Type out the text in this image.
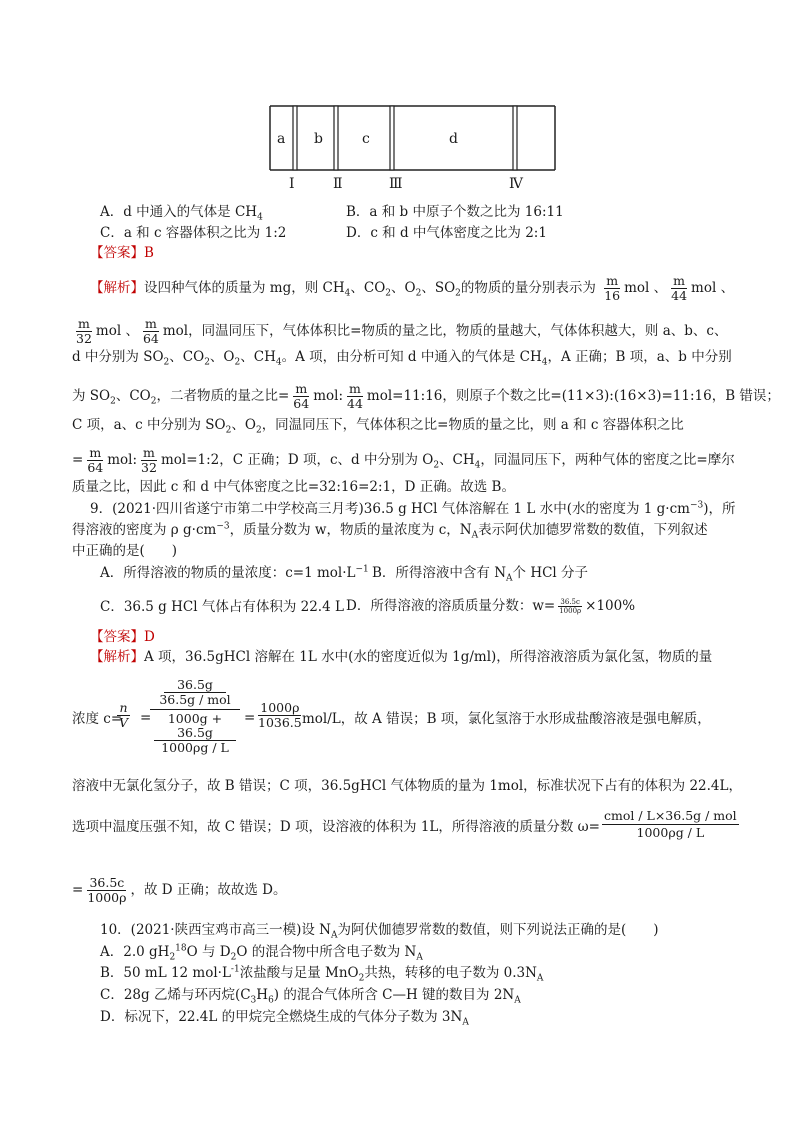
a b	c	d
Ⅰ	Ⅱ	Ⅲ	Ⅳ
A．d 中通入的气体是 $CH_4$	B．a 和 b 中原子个数之比为 16:11
C．a 和 c 容器体积之比为 1:2	D．c 和 d 中气体密度之比为 2:1
【答案】B
【解析】设四种气体的质量为 mg，则 $CH_4$、$CO_2$、$O_2$、$SO_2$的物质的量分别表示为 $\frac{m}{16}$ mol 、 $\frac{m}{44}$ mol 、
$\frac{m}{32}$ mol 、 $\frac{m}{64}$ mol，同温同压下，气体体积比=物质的量之比，物质的量越大，气体体积越大，则 a、b、c、
d 中分别为 $SO_2$、$CO_2$、$O_2$、$CH_4$。A 项，由分析可知 d 中通入的气体是 $CH_4$，A 正确；B 项，a、b 中分别
为 $SO_2$、$CO_2$，二者物质的量之比= $\frac{m}{64}$ mol: $\frac{m}{44}$ mol=11:16，则原子个数之比=(11×3):(16×3)=11:16，B 错误；
C 项，a、c 中分别为 $SO_2$、$O_2$，同温同压下，气体体积之比=物质的量之比，则 a 和 c 容器体积之比
= $\frac{m}{64}$ mol: $\frac{m}{32}$ mol=1:2，C 正确；D 项，c、d 中分别为 $O_2$、$CH_4$，同温同压下，两种气体的密度之比=摩尔
质量之比，因此 c 和 d 中气体密度之比=32:16=2:1，D 正确。故选 B。
9．(2021·四川省遂宁市第二中学校高三月考)36.5 g HCl 气体溶解在 1 L 水中(水的密度为 1 $g\cdot cm^{-3}$)，所
得溶液的密度为 ρ $g\cdot cm^{-3}$，质量分数为 w，物质的量浓度为 c，$N_A$表示阿伏加德罗常数的数值，下列叙述
中正确的是(　　)
A．所得溶液的物质的量浓度：c=1 $mol\cdot L^{-1}$ B．所得溶液中含有 $N_A$个 HCl 分子
C．36.5 g HCl 气体占有体积为 22.4 L D．所得溶液的溶质质量分数：$w= \frac{36.5c}{1000\rho} \times 100\%$
【答案】D
【解析】A 项，36.5gHCl 溶解在 1L 水中(水的密度近似为 1g/ml)，所得溶液溶质为氯化氢，物质的量
浓度 c=
$\frac{n}{V}$ =
36.5g
36.5g / mol
1000g + 36.5g
1000ρg / L
= $\frac{1000\rho}{1036.5}$
mol/L，故 A 错误；B 项，氯化氢溶于水形成盐酸溶液是强电解质，
溶液中无氯化氢分子，故 B 错误；C 项，36.5gHCl 气体物质的量为 1mol，标准状况下占有的体积为 22.4L，
选项中温度压强不知，故 C 错误；D 项，设溶液的体积为 1L，所得溶液的质量分数 ω=
cmol / L×36.5g / mol
1000ρg / L
= $\frac{36.5c}{1000\rho}$ ，故 D 正确；故故选 D。
10．(2021·陕西宝鸡市高三一模)设 $N_A$为阿伏伽德罗常数的数值，则下列说法正确的是(　　)
A．2.0 $gH_2^{18}O$ 与 $D_2O$ 的混合物中所含电子数为 $N_A$
B．50 mL 12 $mol\cdot L^{-1}$浓盐酸与足量 MnO$_2$共热，转移的电子数为 $0.3N_A$
C．28g 乙烯与环丙烷$(C_3H_6)$ 的混合气体所含 C—H 键的数目为 $2N_A$
D．标况下，22.4L 的甲烷完全燃烧生成的气体分子数为 $3N_A$
